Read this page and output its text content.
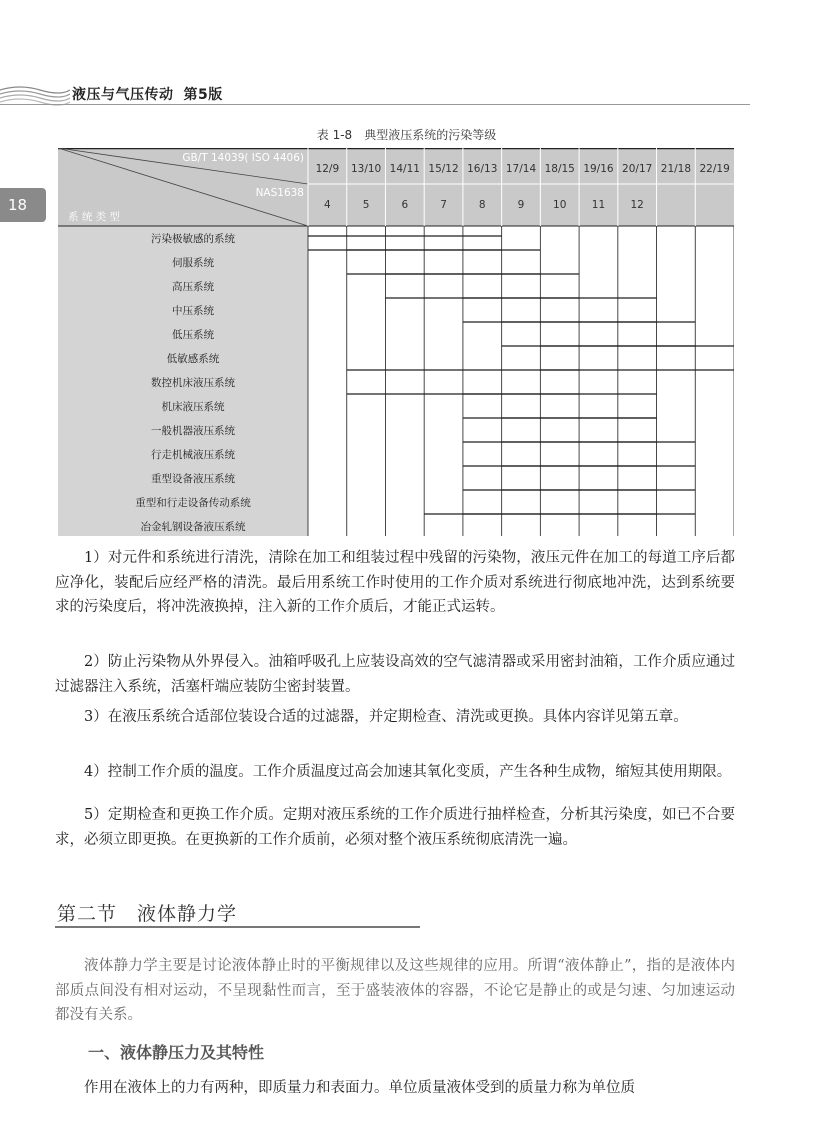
液压与气压传动 第5版
18
表 1-8　典型液压系统的污染等级
GB/T 14039( ISO 4406)
NAS1638
系 统 类 型
12/9
4
13/10
5
14/11
6
15/12
7
16/13
8
17/14
9
18/15
10
19/16
11
20/17
12
21/18 22/19
污染极敏感的系统
伺服系统
高压系统
中压系统
低压系统
低敏感系统
数控机床液压系统
机床液压系统
一般机器液压系统
行走机械液压系统
重型设备液压系统
重型和行走设备传动系统
冶金轧钢设备液压系统

1）对元件和系统进行清洗，清除在加工和组装过程中残留的污染物，液压元件在加工的每道工序后都应净化，装配后应经严格的清洗。最后用系统工作时使用的工作介质对系统进行彻底地冲洗，达到系统要求的污染度后，将冲洗液换掉，注入新的工作介质后，才能正式运转。

2）防止污染物从外界侵入。油箱呼吸孔上应装设高效的空气滤清器或采用密封油箱，工作介质应通过过滤器注入系统，活塞杆端应装防尘密封装置。

3）在液压系统合适部位装设合适的过滤器，并定期检查、清洗或更换。具体内容详见第五章。

4）控制工作介质的温度。工作介质温度过高会加速其氧化变质，产生各种生成物，缩短其使用期限。

5）定期检查和更换工作介质。定期对液压系统的工作介质进行抽样检查，分析其污染度，如已不合要求，必须立即更换。在更换新的工作介质前，必须对整个液压系统彻底清洗一遍。

第二节 液体静力学

液体静力学主要是讨论液体静止时的平衡规律以及这些规律的应用。所谓“液体静止”，指的是液体内部质点间没有相对运动，不呈现黏性而言，至于盛装液体的容器，不论它是静止的或是匀速、匀加速运动都没有关系。

一、液体静压力及其特性

作用在液体上的力有两种，即质量力和表面力。单位质量液体受到的质量力称为单位质
